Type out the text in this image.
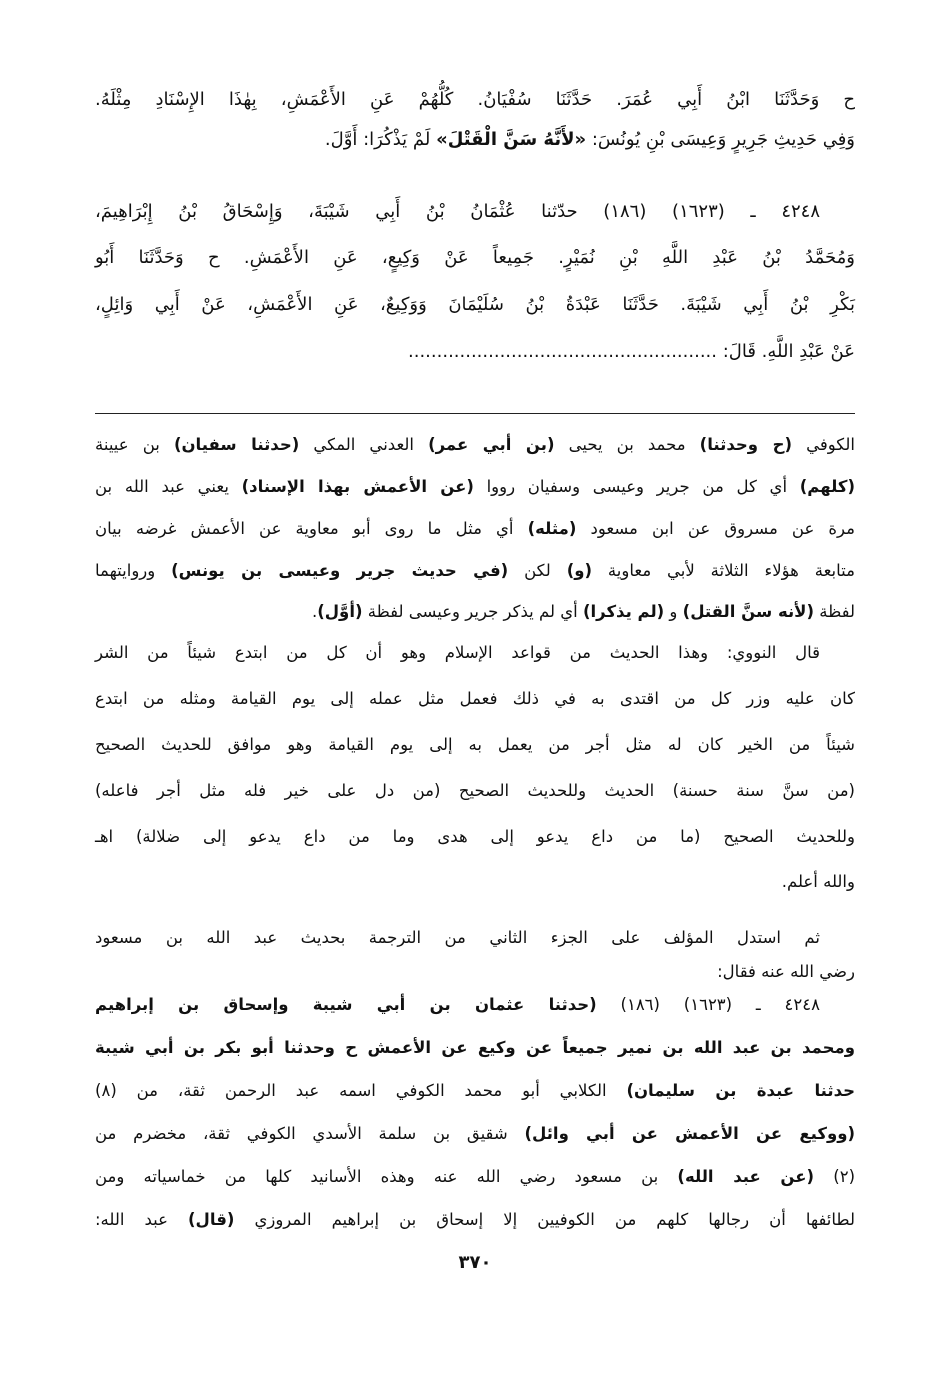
ح وَحَدَّثَنَا ابْنُ أَبِي عُمَرَ. حَدَّثَنَا سُفْيَانُ. كُلُّهُمْ عَنِ الأَعْمَشِ، بِهٰذَا الإِسْنَادِ مِثْلَهُ.
وَفِي حَدِيثِ جَرِيرٍ وَعِيسَى بْنِ يُونُسَ: «لأَنَّهُ سَنَّ الْقَتْلَ» لَمْ يَذْكُرَا: أَوَّلَ.
٤٢٤٨ ـ (١٦٢٣) (١٨٦) حدّثنا عُثْمَانُ بْنُ أَبِي شَيْبَةَ، وَإِسْحَاقُ بْنُ إِبْرَاهِيمَ،
وَمُحَمَّدُ بْنُ عَبْدِ اللَّهِ بْنِ نُمَيْرٍ. جَمِيعاً عَنْ وَكِيعٍ، عَنِ الأَعْمَشِ. ح وَحَدَّثَنَا أَبُو
بَكْرِ بْنُ أَبِي شَيْبَةَ. حَدَّثَنَا عَبْدَةُ بْنُ سُلَيْمَانَ وَوَكِيعٌ، عَنِ الأَعْمَشِ، عَنْ أَبِي وَائِلٍ،
عَنْ عَبْدِ اللَّهِ. قَالَ: ......................................................
الكوفي (ح وحدثنا) محمد بن يحيى (بن أبي عمر) العدني المكي (حدثنا سفيان) بن عيينة
(كلهم) أي كل من جرير وعيسى وسفيان رووا (عن الأعمش بهذا الإسناد) يعني عبد الله بن
مرة عن مسروق عن ابن مسعود (مثله) أي مثل ما روى أبو معاوية عن الأعمش غرضه بيان
متابعة هؤلاء الثلاثة لأبي معاوية (و) لكن (في حديث جرير وعيسى بن يونس) وروايتهما
لفظة (لأنه سنَّ القتل) و (لم يذكرا) أي لم يذكر جرير وعيسى لفظة (أوَّل).
قال النووي: وهذا الحديث من قواعد الإسلام وهو أن كل من ابتدع شيئاً من الشر
كان عليه وزر كل من اقتدى به في ذلك فعمل مثل عمله إلى يوم القيامة ومثله من ابتدع
شيئاً من الخير كان له مثل أجر من يعمل به إلى يوم القيامة وهو موافق للحديث الصحيح
(من سنَّ سنة حسنة) الحديث وللحديث الصحيح (من دل على خير فله مثل أجر فاعله)
وللحديث الصحيح (ما من داع يدعو إلى هدى وما من داع يدعو إلى ضلالة) اهـ
والله أعلم.
ثم استدل المؤلف على الجزء الثاني من الترجمة بحديث عبد الله بن مسعود
رضي الله عنه فقال:
٤٢٤٨ ـ (١٦٢٣) (١٨٦) (حدثنا عثمان بن أبي شيبة وإسحاق بن إبراهيم
ومحمد بن عبد الله بن نمير جميعاً عن وكيع عن الأعمش ح وحدثنا أبو بكر بن أبي شيبة
حدثنا عبدة بن سليمان) الكلابي أبو محمد الكوفي اسمه عبد الرحمن ثقة، من (٨)
(ووكيع عن الأعمش عن أبي وائل) شقيق بن سلمة الأسدي الكوفي ثقة، مخضرم من
(٢) (عن عبد الله) بن مسعود رضي الله عنه وهذه الأسانيد كلها من خماسياته ومن
لطائفها أن رجالها كلهم من الكوفيين إلا إسحاق بن إبراهيم المروزي (قال) عبد الله:
٣٧٠
